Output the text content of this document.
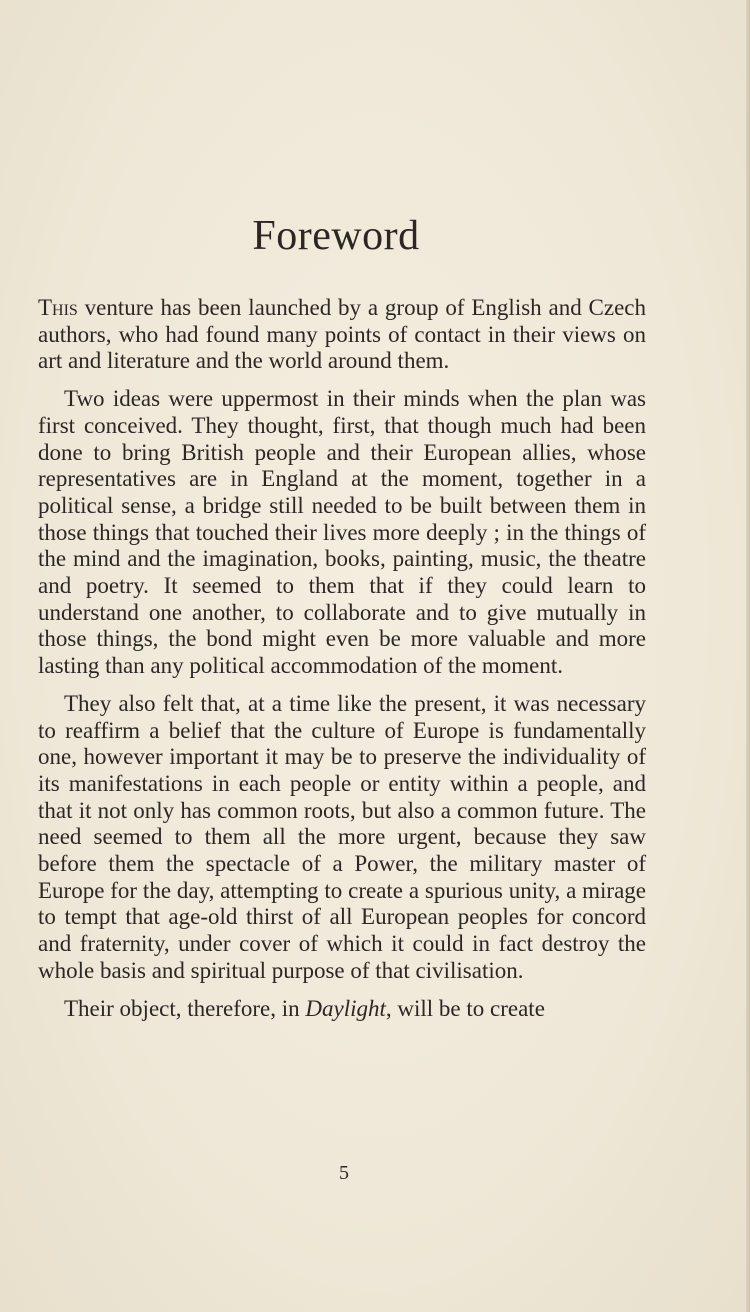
Foreword

This venture has been launched by a group of English and Czech authors, who had found many points of contact in their views on art and literature and the world around them.

Two ideas were uppermost in their minds when the plan was first conceived. They thought, first, that though much had been done to bring British people and their European allies, whose representatives are in England at the moment, together in a political sense, a bridge still needed to be built between them in those things that touched their lives more deeply ; in the things of the mind and the imagination, books, painting, music, the theatre and poetry. It seemed to them that if they could learn to understand one another, to collaborate and to give mutually in those things, the bond might even be more valuable and more lasting than any political accommodation of the moment.

They also felt that, at a time like the present, it was necessary to reaffirm a belief that the culture of Europe is fundamentally one, however important it may be to preserve the individuality of its manifestations in each people or entity within a people, and that it not only has common roots, but also a common future. The need seemed to them all the more urgent, because they saw before them the spectacle of a Power, the military master of Europe for the day, attempting to create a spurious unity, a mirage to tempt that age-old thirst of all European peoples for concord and fraternity, under cover of which it could in fact destroy the whole basis and spiritual purpose of that civilisation.

Their object, therefore, in Daylight, will be to create

5
